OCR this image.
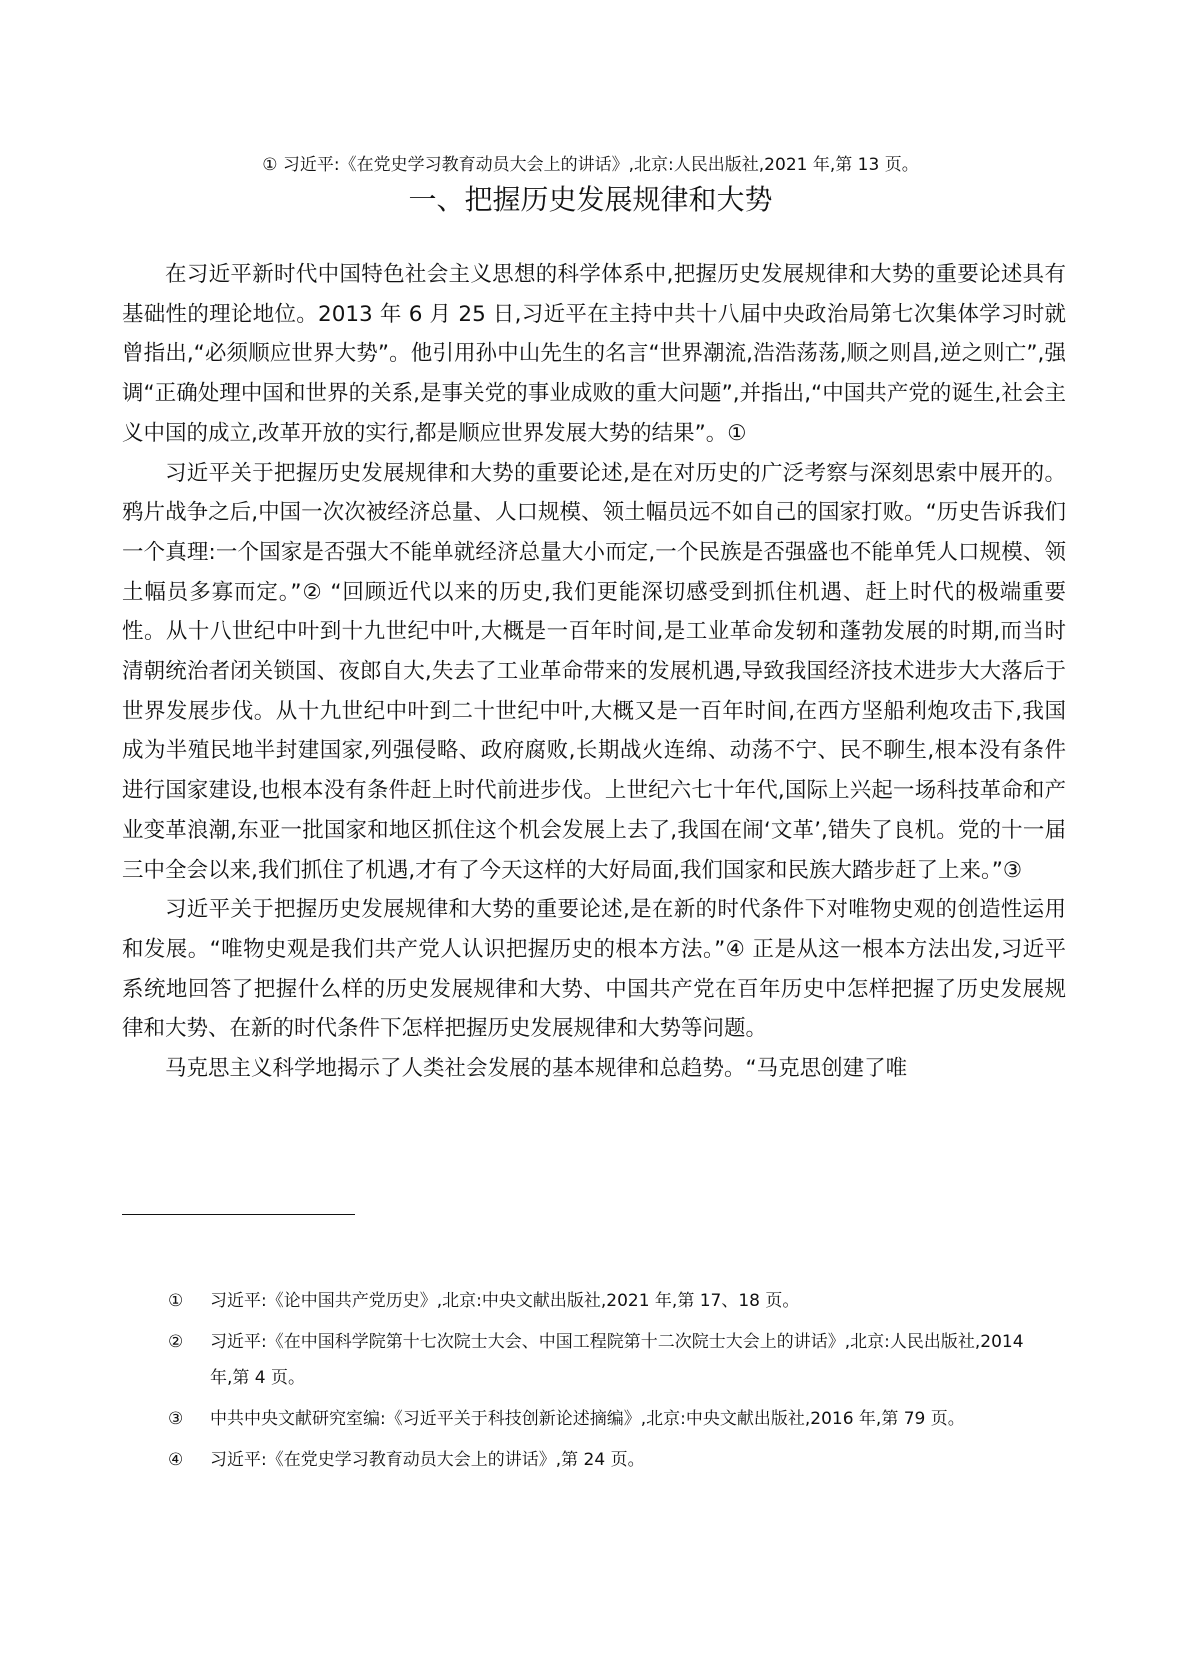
① 习近平:《在党史学习教育动员大会上的讲话》,北京:人民出版社,2021 年,第 13 页。
一、把握历史发展规律和大势

在习近平新时代中国特色社会主义思想的科学体系中,把握历史发展规律和大势的重要论述具有基础性的理论地位。2013 年 6 月 25 日,习近平在主持中共十八届中央政治局第七次集体学习时就曾指出,“必须顺应世界大势”。他引用孙中山先生的名言“世界潮流,浩浩荡荡,顺之则昌,逆之则亡”,强调“正确处理中国和世界的关系,是事关党的事业成败的重大问题”,并指出,“中国共产党的诞生,社会主义中国的成立,改革开放的实行,都是顺应世界发展大势的结果”。①

习近平关于把握历史发展规律和大势的重要论述,是在对历史的广泛考察与深刻思索中展开的。鸦片战争之后,中国一次次被经济总量、人口规模、领土幅员远不如自己的国家打败。“历史告诉我们一个真理:一个国家是否强大不能单就经济总量大小而定,一个民族是否强盛也不能单凭人口规模、领土幅员多寡而定。”② “回顾近代以来的历史,我们更能深切感受到抓住机遇、赶上时代的极端重要性。从十八世纪中叶到十九世纪中叶,大概是一百年时间,是工业革命发轫和蓬勃发展的时期,而当时清朝统治者闭关锁国、夜郎自大,失去了工业革命带来的发展机遇,导致我国经济技术进步大大落后于世界发展步伐。从十九世纪中叶到二十世纪中叶,大概又是一百年时间,在西方坚船利炮攻击下,我国成为半殖民地半封建国家,列强侵略、政府腐败,长期战火连绵、动荡不宁、民不聊生,根本没有条件进行国家建设,也根本没有条件赶上时代前进步伐。上世纪六七十年代,国际上兴起一场科技革命和产业变革浪潮,东亚一批国家和地区抓住这个机会发展上去了,我国在闹‘文革’,错失了良机。党的十一届三中全会以来,我们抓住了机遇,才有了今天这样的大好局面,我们国家和民族大踏步赶了上来。”③

习近平关于把握历史发展规律和大势的重要论述,是在新的时代条件下对唯物史观的创造性运用和发展。“唯物史观是我们共产党人认识把握历史的根本方法。”④ 正是从这一根本方法出发,习近平系统地回答了把握什么样的历史发展规律和大势、中国共产党在百年历史中怎样把握了历史发展规律和大势、在新的时代条件下怎样把握历史发展规律和大势等问题。

马克思主义科学地揭示了人类社会发展的基本规律和总趋势。“马克思创建了唯

①	习近平:《论中国共产党历史》,北京:中央文献出版社,2021 年,第 17、18 页。
②	习近平:《在中国科学院第十七次院士大会、中国工程院第十二次院士大会上的讲话》,北京:人民出版社,2014 年,第 4 页。
③	中共中央文献研究室编:《习近平关于科技创新论述摘编》,北京:中央文献出版社,2016 年,第 79 页。
④	习近平:《在党史学习教育动员大会上的讲话》,第 24 页。
